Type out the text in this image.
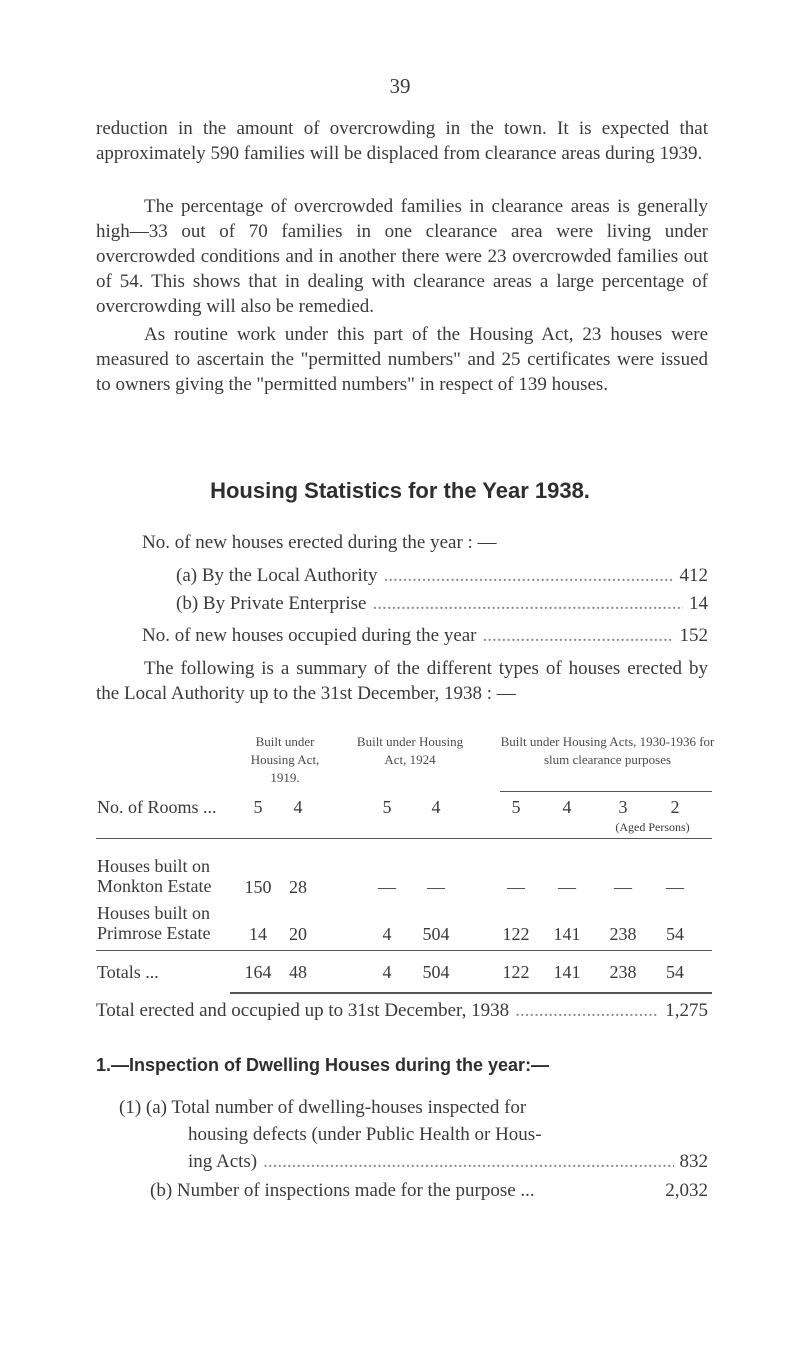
39

reduction in the amount of overcrowding in the town. It is expected that approximately 590 families will be displaced from clearance areas during 1939.

The percentage of overcrowded families in clearance areas is generally high—33 out of 70 families in one clearance area were living under overcrowded conditions and in another there were 23 overcrowded families out of 54. This shows that in dealing with clearance areas a large percentage of overcrowding will also be remedied.

As routine work under this part of the Housing Act, 23 houses were measured to ascertain the "permitted numbers" and 25 certificates were issued to owners giving the "permitted numbers" in respect of 139 houses.

Housing Statistics for the Year 1938.
No. of new houses erected during the year : —
(a) By the Local Authority .....	412
(b) By Private Enterprise .....	14
No. of new houses occupied during the year .....	152

The following is a summary of the different types of houses erected by the Local Authority up to the 31st December, 1938 : —

Built under Housing Act, 1919.
Built under Housing Act, 1924
Built under Housing Acts, 1930-1936 for slum clearance purposes
No. of Rooms ...	5	4	5	4	5	4	3	2
(Aged Persons)
Houses built on
Monkton Estate	150 28	—	—	—	—	—	—
Houses built on
Primrose Estate	14	20	4	504	122	141	238	54
Totals ...	164 48	4	504	122	141	238	54
Total erected and occupied up to 31st December, 1938 .....	1,275
1.—Inspection of Dwelling Houses during the year:—
(1) (a) Total number of dwelling-houses inspected for
housing defects (under Public Health or Hous-
ing Acts) .....	832
(b) Number of inspections made for the purpose ...	2,032
